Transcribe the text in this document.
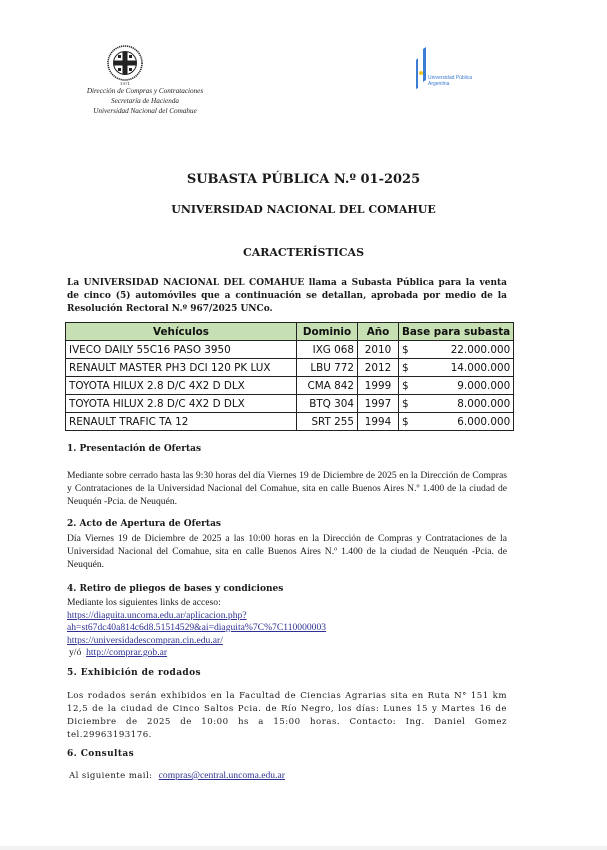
1971
Dirección de Compras y Contrataciones
Secretaría de Hacienda
Universidad Nacional del Comahue
Universidad Pública
Argentina
SUBASTA PÚBLICA N.º 01-2025
UNIVERSIDAD NACIONAL DEL COMAHUE
CARACTERÍSTICAS
La UNIVERSIDAD NACIONAL DEL COMAHUE llama a Subasta Pública para la venta de cinco (5) automóviles que a continuación se detallan, aprobada por medio de la Resolución Rectoral N.º 967/2025 UNCo.
Vehículos	Dominio	Año	Base para subasta
IVECO DAILY 55C16 PASO 3950	IXG 068	2010	$ 22.000.000

RENAULT MASTER PH3 DCI 120 PK LUX	LBU 772	2012	$ 14.000.000

TOYOTA HILUX 2.8 D/C 4X2 D DLX	CMA 842	1999	$ 9.000.000

TOYOTA HILUX 2.8 D/C 4X2 D DLX	BTQ 304	1997	$ 8.000.000

RENAULT TRAFIC TA 12	SRT 255	1994	$ 6.000.000
1. Presentación de Ofertas
Mediante sobre cerrado hasta las 9:30 horas del día Viernes 19 de Diciembre de 2025 en la Dirección de Compras y Contrataciones de la Universidad Nacional del Comahue, sita en calle Buenos Aires N.º 1.400 de la ciudad de Neuquén -Pcia. de Neuquén.
2. Acto de Apertura de Ofertas
Día Viernes 19 de Diciembre de 2025 a las 10:00 horas en la Dirección de Compras y Contrataciones de la Universidad Nacional del Comahue, sita en calle Buenos Aires N.º 1.400 de la ciudad de Neuquén -Pcia. de Neuquén.
4. Retiro de pliegos de bases y condiciones
Mediante los siguientes links de acceso:
https://diaguita.uncoma.edu.ar/aplicacion.php?
ah=st67dc40a814c6d8.51514529&ai=diaguita%7C%7C110000003
https://universidadescompran.cin.edu.ar/
y/ó http://comprar.gob.ar
5. Exhibición de rodados
Los rodados serán exhibidos en la Facultad de Ciencias Agrarias sita en Ruta N° 151 km 12,5 de la ciudad de Cinco Saltos Pcia. de Río Negro, los días: Lunes 15 y Martes 16 de Diciembre de 2025 de 10:00 hs a 15:00 horas. Contacto: Ing. Daniel Gomez tel.29963193176.
6. Consultas
Al siguiente mail: compras@central.uncoma.edu.ar
